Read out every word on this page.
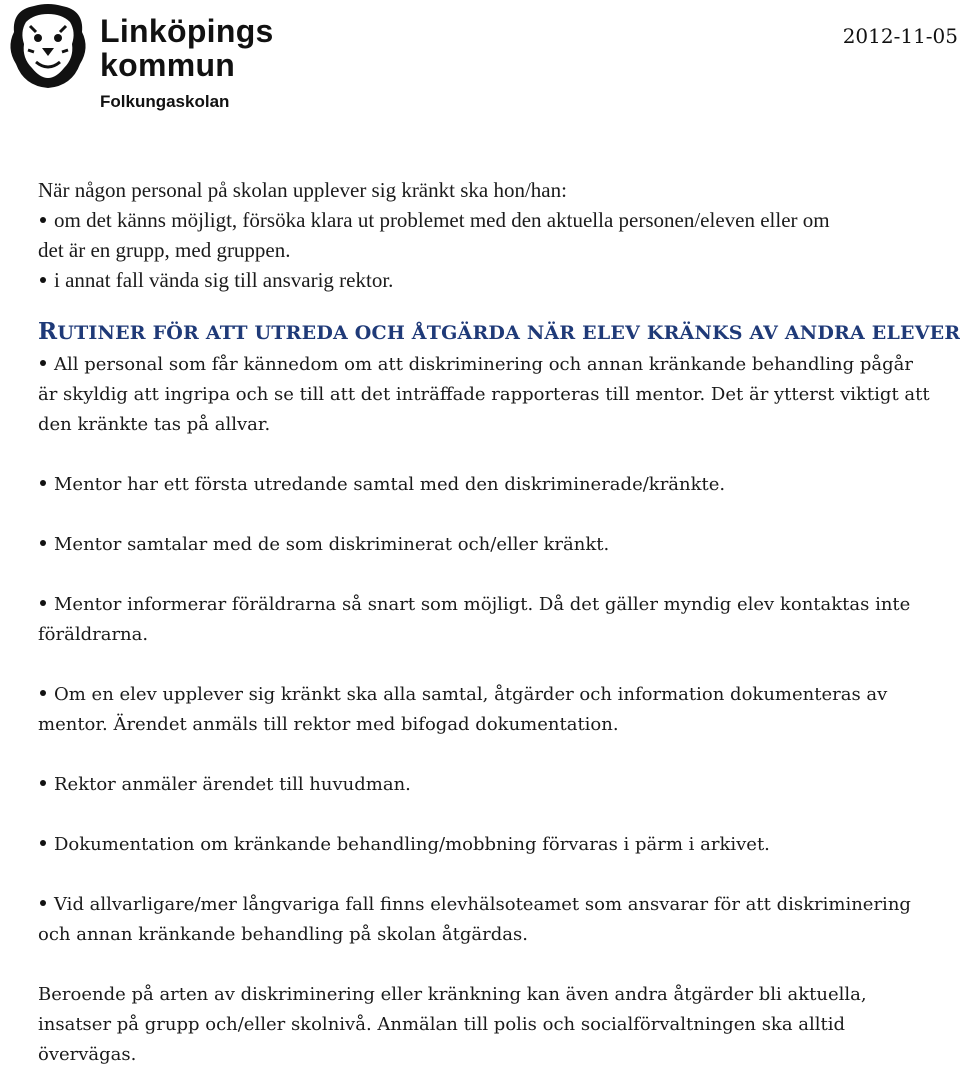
Linköpings
kommun
Folkungaskolan
2012-11-05

När någon personal på skolan upplever sig kränkt ska hon/han:

om det känns möjligt, försöka klara ut problemet med den aktuella personen/eleven eller om

det är en grupp, med gruppen.

i annat fall vända sig till ansvarig rektor.

RUTINER FÖR ATT UTREDA OCH ÅTGÄRDA NÄR ELEV KRÄNKS AV ANDRA ELEVER

All personal som får kännedom om att diskriminering och annan kränkande behandling pågår

är skyldig att ingripa och se till att det inträffade rapporteras till mentor. Det är ytterst viktigt att

den kränkte tas på allvar.

Mentor har ett första utredande samtal med den diskriminerade/kränkte.

Mentor samtalar med de som diskriminerat och/eller kränkt.

Mentor informerar föräldrarna så snart som möjligt. Då det gäller myndig elev kontaktas inte

föräldrarna.

Om en elev upplever sig kränkt ska alla samtal, åtgärder och information dokumenteras av

mentor. Ärendet anmäls till rektor med bifogad dokumentation.

Rektor anmäler ärendet till huvudman.

Dokumentation om kränkande behandling/mobbning förvaras i pärm i arkivet.

Vid allvarligare/mer långvariga fall finns elevhälsoteamet som ansvarar för att diskriminering

och annan kränkande behandling på skolan åtgärdas.

Beroende på arten av diskriminering eller kränkning kan även andra åtgärder bli aktuella,

insatser på grupp och/eller skolnivå. Anmälan till polis och socialförvaltningen ska alltid

övervägas.
